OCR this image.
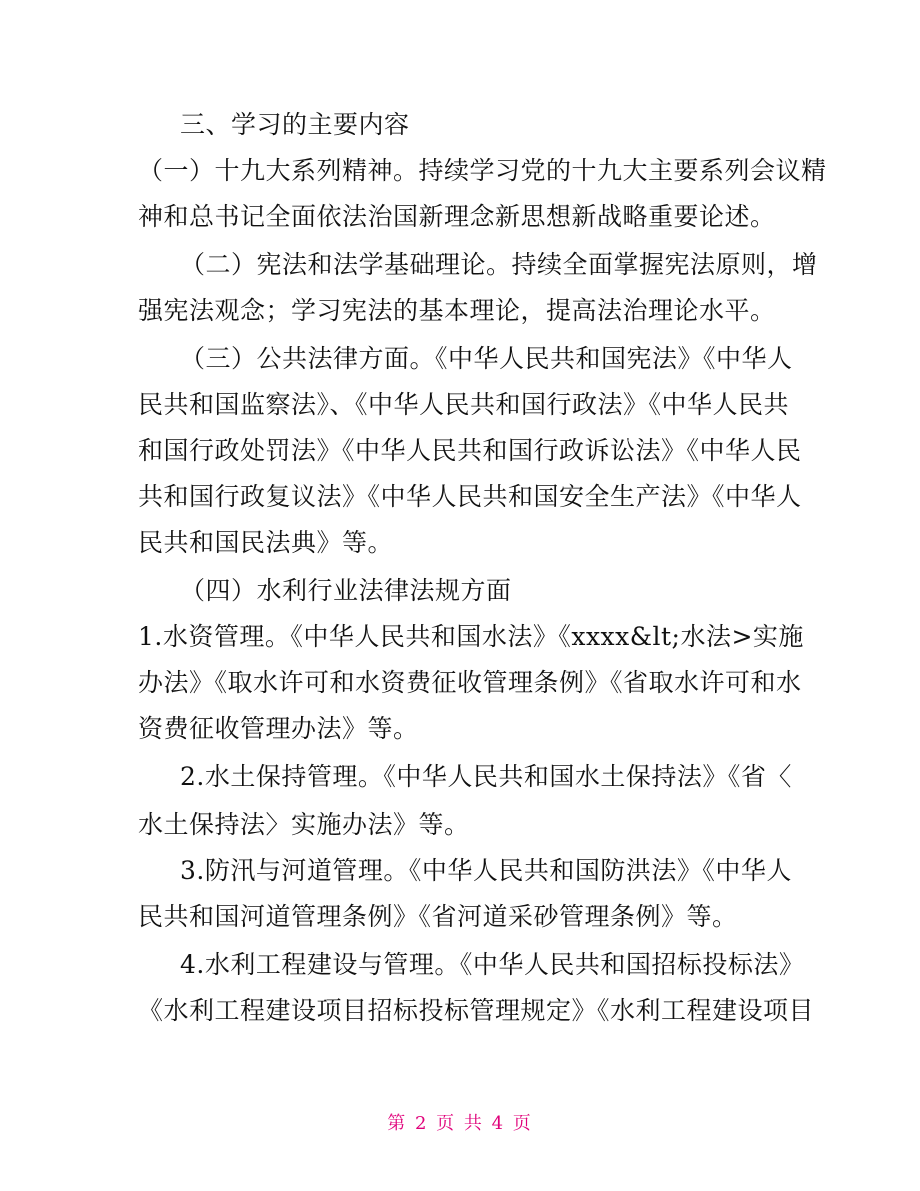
三、学习的主要内容
（一）十九大系列精神。持续学习党的十九大主要系列会议精
神和总书记全面依法治国新理念新思想新战略重要论述。
（二）宪法和法学基础理论。持续全面掌握宪法原则，增
强宪法观念；学习宪法的基本理论，提高法治理论水平。
（三）公共法律方面。《中华人民共和国宪法》《中华人
民共和国监察法》、《中华人民共和国行政法》《中华人民共
和国行政处罚法》《中华人民共和国行政诉讼法》《中华人民
共和国行政复议法》《中华人民共和国安全生产法》《中华人
民共和国民法典》等。
（四）水利行业法律法规方面
1.水资管理。《中华人民共和国水法》《xxxx&lt;水法>实施
办法》《取水许可和水资费征收管理条例》《省取水许可和水
资费征收管理办法》等。
2.水土保持管理。《中华人民共和国水土保持法》《省〈
水土保持法〉实施办法》等。
3.防汛与河道管理。《中华人民共和国防洪法》《中华人
民共和国河道管理条例》《省河道采砂管理条例》等。
4.水利工程建设与管理。《中华人民共和国招标投标法》
《水利工程建设项目招标投标管理规定》《水利工程建设项目
第 2 页 共 4 页
